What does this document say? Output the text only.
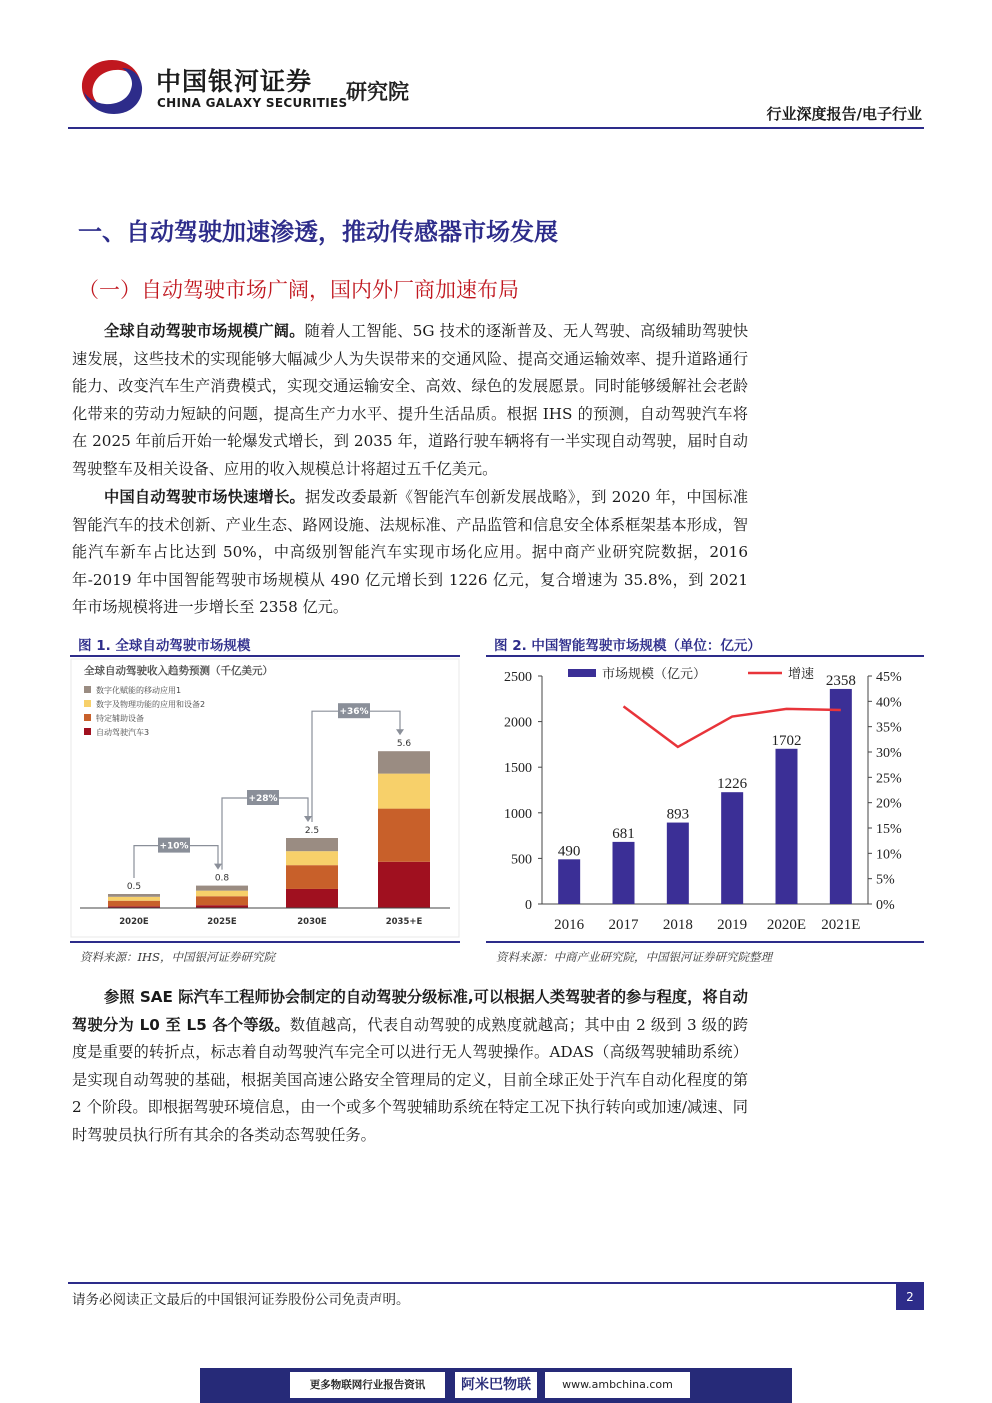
中国银河证券
CHINA GALAXY SECURITIES
研究院
行业深度报告/电子行业
一、自动驾驶加速渗透，推动传感器市场发展
（一）自动驾驶市场广阔，国内外厂商加速布局
全球自动驾驶市场规模广阔。随着人工智能、5G 技术的逐渐普及、无人驾驶、高级辅助驾驶快速发展，这些技术的实现能够大幅减少人为失误带来的交通风险、提高交通运输效率、提升道路通行能力、改变汽车生产消费模式，实现交通运输安全、高效、绿色的发展愿景。同时能够缓解社会老龄化带来的劳动力短缺的问题，提高生产力水平、提升生活品质。根据 IHS 的预测，自动驾驶汽车将在 2025 年前后开始一轮爆发式增长，到 2035 年，道路行驶车辆将有一半实现自动驾驶，届时自动驾驶整车及相关设备、应用的收入规模总计将超过五千亿美元。
中国自动驾驶市场快速增长。据发改委最新《智能汽车创新发展战略》，到 2020 年，中国标准智能汽车的技术创新、产业生态、路网设施、法规标准、产品监管和信息安全体系框架基本形成，智能汽车新车占比达到 50%，中高级别智能汽车实现市场化应用。据中商产业研究院数据，2016 年-2019 年中国智能驾驶市场规模从 490 亿元增长到 1226 亿元，复合增速为 35.8%，到 2021 年市场规模将进一步增长至 2358 亿元。
图 1. 全球自动驾驶市场规模
全球自动驾驶收入趋势预测（千亿美元）
数字化赋能的移动应用1
数字及物理功能的应用和设备2
特定辅助设备
自动驾驶汽车3
+10%
+28%
+36%
0.5
0.8
2.5
5.6
2020E	2025E	2030E	2035+E
资料来源：IHS，中国银河证券研究院
图 2. 中国智能驾驶市场规模（单位：亿元）
0
500
1000
1500
2000
2500
0%
5%
10%
15%
20%
25%
30%
35%
40%
45%
490
2016
681
2017
893
2018
1226
2019
1702
2020E
2358
2021E
市场规模（亿元）	增速
资料来源：中商产业研究院，中国银河证券研究院整理
参照 SAE 际汽车工程师协会制定的自动驾驶分级标准,可以根据人类驾驶者的参与程度，将自动驾驶分为 L0 至 L5 各个等级。数值越高，代表自动驾驶的成熟度就越高；其中由 2 级到 3 级的跨度是重要的转折点，标志着自动驾驶汽车完全可以进行无人驾驶操作。ADAS（高级驾驶辅助系统）是实现自动驾驶的基础，根据美国高速公路安全管理局的定义，目前全球正处于汽车自动化程度的第 2 个阶段。即根据驾驶环境信息，由一个或多个驾驶辅助系统在特定工况下执行转向或加速/减速、同时驾驶员执行所有其余的各类动态驾驶任务。
请务必阅读正文最后的中国银河证券股份公司免责声明。	2
更多物联网行业报告资讯	阿米巴物联	www.ambchina.com
